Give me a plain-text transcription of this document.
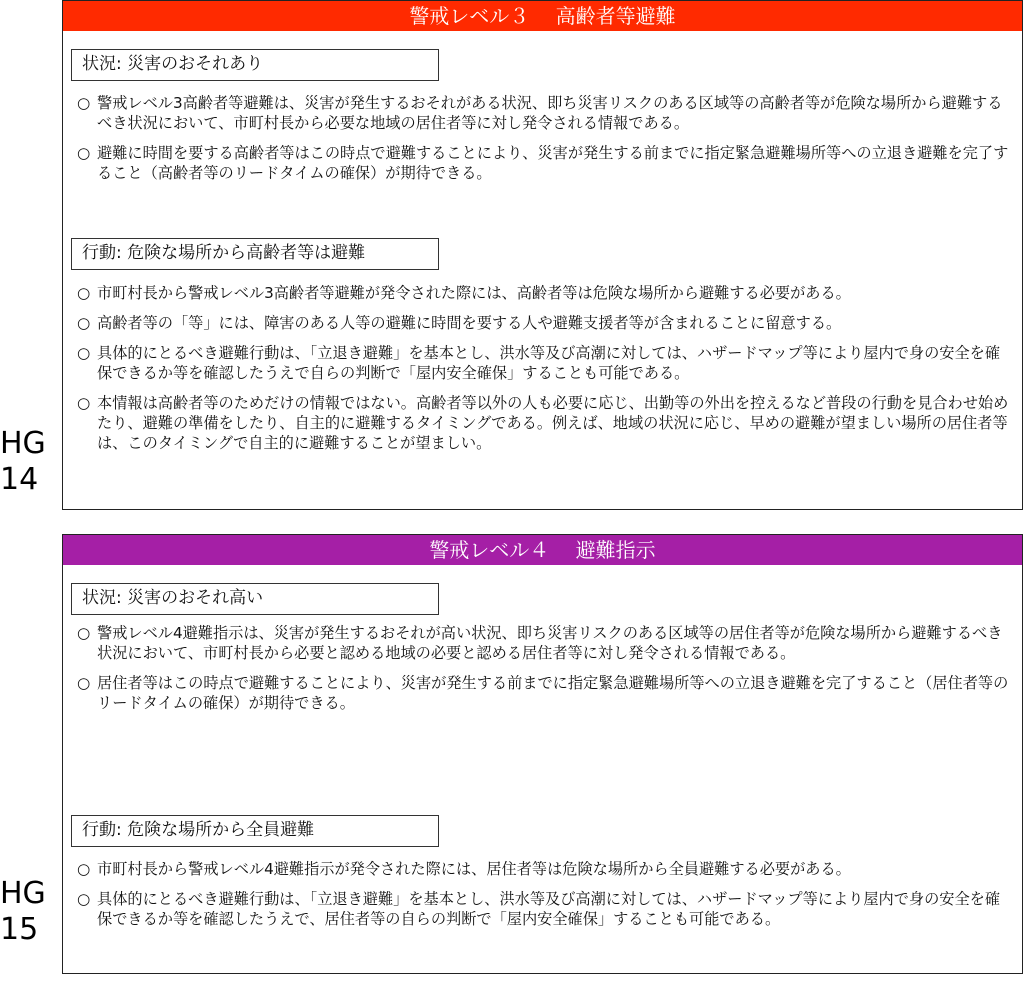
警戒レベル３　 高齢者等避難
状況: 災害のおそれあり
○ 警戒レベル3高齢者等避難は、災害が発生するおそれがある状況、即ち災害リスクのある区域等の高齢者等が危険な場所から避難するべき状況において、市町村長から必要な地域の居住者等に対し発令される情報である。
○ 避難に時間を要する高齢者等はこの時点で避難することにより、災害が発生する前までに指定緊急避難場所等への立退き避難を完了すること（高齢者等のリードタイムの確保）が期待できる。
行動: 危険な場所から高齢者等は避難
○ 市町村長から警戒レベル3高齢者等避難が発令された際には、高齢者等は危険な場所から避難する必要がある。
○ 高齢者等の「等」には、障害のある人等の避難に時間を要する人や避難支援者等が含まれることに留意する。
○ 具体的にとるべき避難行動は、「立退き避難」を基本とし、洪水等及び高潮に対しては、ハザードマップ等により屋内で身の安全を確保できるか等を確認したうえで自らの判断で「屋内安全確保」することも可能である。
○ 本情報は高齢者等のためだけの情報ではない。高齢者等以外の人も必要に応じ、出勤等の外出を控えるなど普段の行動を見合わせ始めたり、避難の準備をしたり、自主的に避難するタイミングである。例えば、地域の状況に応じ、早めの避難が望ましい場所の居住者等は、このタイミングで自主的に避難することが望ましい。
HG
14
警戒レベル４　 避難指示
状況: 災害のおそれ高い
○ 警戒レベル4避難指示は、災害が発生するおそれが高い状況、即ち災害リスクのある区域等の居住者等が危険な場所から避難するべき状況において、市町村長から必要と認める地域の必要と認める居住者等に対し発令される情報である。
○ 居住者等はこの時点で避難することにより、災害が発生する前までに指定緊急避難場所等への立退き避難を完了すること（居住者等のリードタイムの確保）が期待できる。
行動: 危険な場所から全員避難
○ 市町村長から警戒レベル4避難指示が発令された際には、居住者等は危険な場所から全員避難する必要がある。
○ 具体的にとるべき避難行動は、「立退き避難」を基本とし、洪水等及び高潮に対しては、ハザードマップ等により屋内で身の安全を確保できるか等を確認したうえで、居住者等の自らの判断で「屋内安全確保」することも可能である。
HG
15
